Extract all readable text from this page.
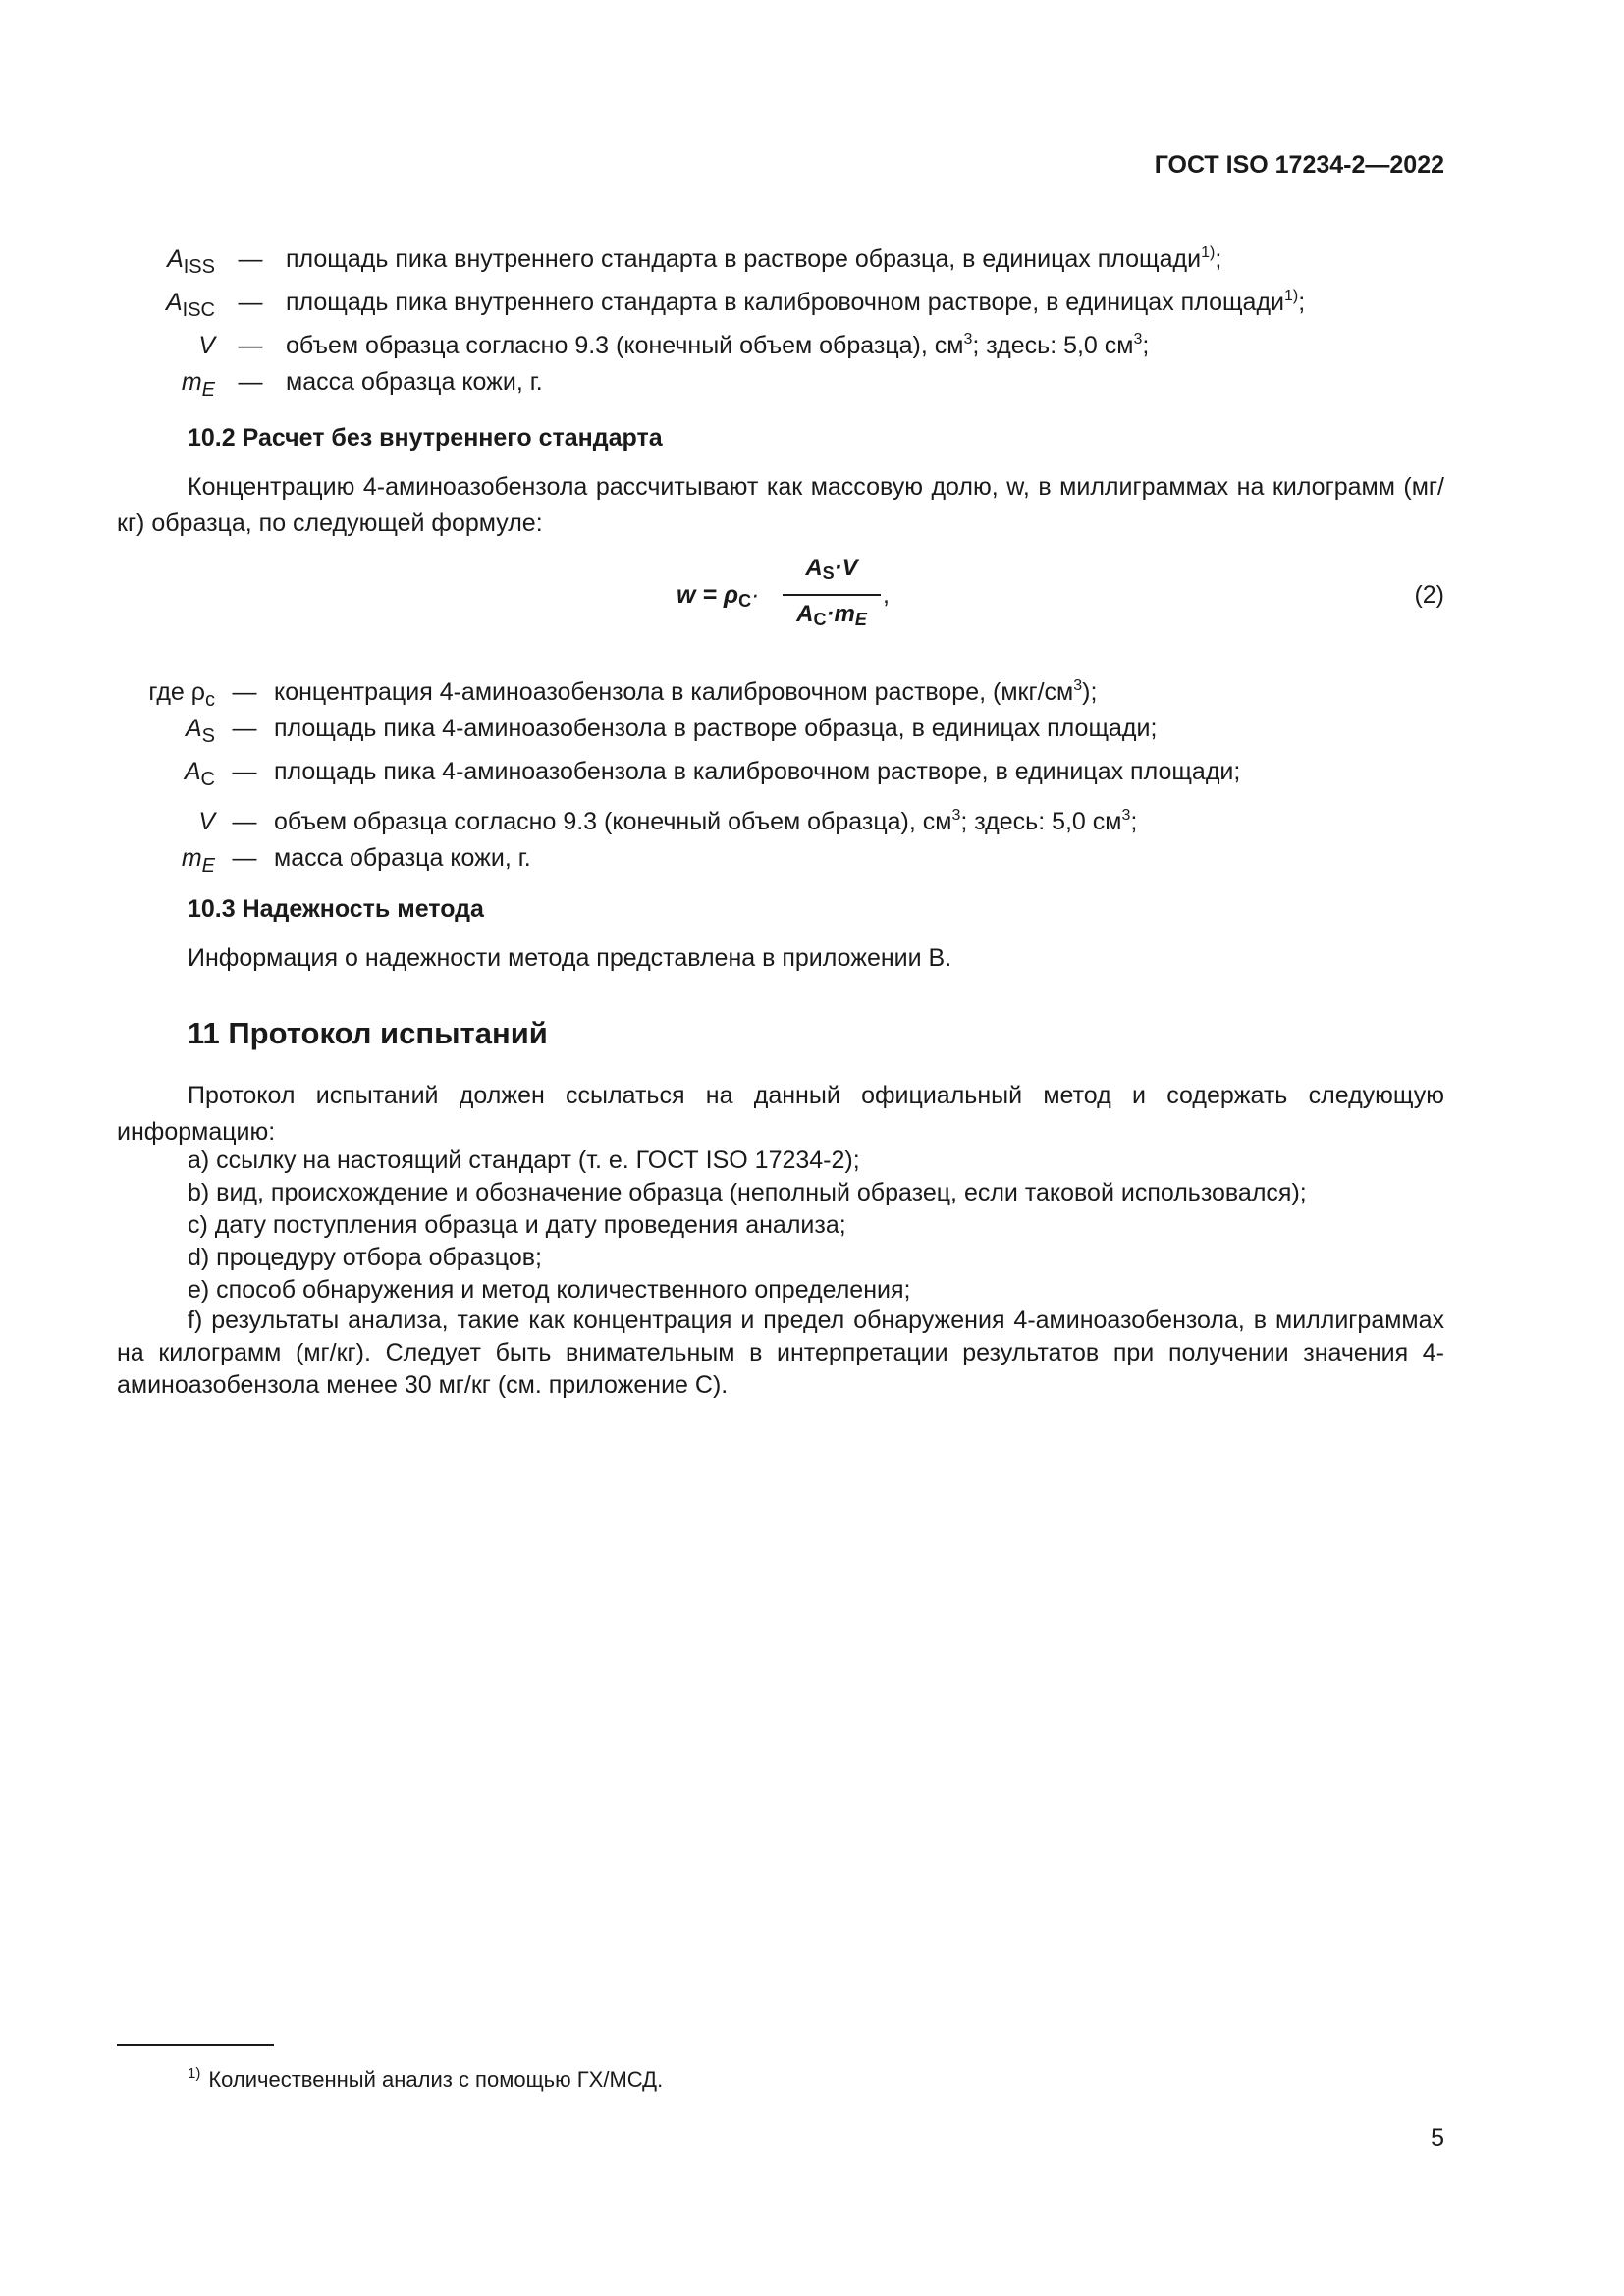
ГОСТ ISO 17234-2—2022
$A_{ISS}$ — площадь пика внутреннего стандарта в растворе образца, в единицах площади$^{1)}$;
$A_{ISC}$ — площадь пика внутреннего стандарта в калибровочном растворе, в единицах площади$^{1)}$;
V — объем образца согласно 9.3 (конечный объем образца), $см^3$; здесь: 5,0 $см^3$;
$m_E$ — масса образца кожи, г.
10.2 Расчет без внутреннего стандарта
Концентрацию 4-аминоазобензола рассчитывают как массовую долю, w, в миллиграммах на килограмм (мг/кг) образца, по следующей формуле:
$w = \rho C\cdot \frac{AS\cdot V}{AC\cdot mE}$ ,	(2)
где $\rho_c$ — концентрация 4-аминоазобензола в калибровочном растворе, $(мкг/см^3)$;
$A_S$ — площадь пика 4-аминоазобензола в растворе образца, в единицах площади;
$A_C$ — площадь пика 4-аминоазобензола в калибровочном растворе, в единицах площади;
V — объем образца согласно 9.3 (конечный объем образца), $см^3$; здесь: 5,0 $см^3$;
$m_E$ — масса образца кожи, г.
10.3 Надежность метода
Информация о надежности метода представлена в приложении В.
11 Протокол испытаний
Протокол испытаний должен ссылаться на данный официальный метод и содержать следующую информацию:
a) ссылку на настоящий стандарт (т. е. ГОСТ ISO 17234-2);
b) вид, происхождение и обозначение образца (неполный образец, если таковой использовался);
c) дату поступления образца и дату проведения анализа;
d) процедуру отбора образцов;
e) способ обнаружения и метод количественного определения;
f) результаты анализа, такие как концентрация и предел обнаружения 4-аминоазобензола, в миллиграммах на килограмм (мг/кг). Следует быть внимательным в интерпретации результатов при получении значения 4-аминоазобензола менее 30 мг/кг (см. приложение С).
$^{1)}$ Количественный анализ с помощью ГХ/МСД.
5
